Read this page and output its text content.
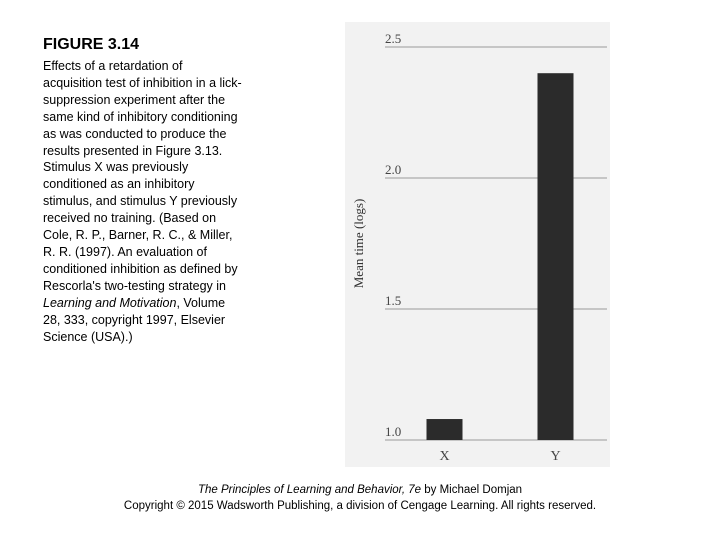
FIGURE 3.14

Effects of a retardation of acquisition test of inhibition in a lick-suppression experiment after the same kind of inhibitory conditioning as was conducted to produce the results presented in Figure 3.13. Stimulus X was previously conditioned as an inhibitory stimulus, and stimulus Y previously received no training. (Based on Cole, R. P., Barner, R. C., & Miller, R. R. (1997). An evaluation of conditioned inhibition as defined by Rescorla's two-testing strategy in Learning and Motivation, Volume 28, 333, copyright 1997, Elsevier Science (USA).)

Mean time (logs)
1.0
1.5
2.0
2.5
X	Y

The Principles of Learning and Behavior, 7e by Michael Domjan

Copyright © 2015 Wadsworth Publishing, a division of Cengage Learning. All rights reserved.
